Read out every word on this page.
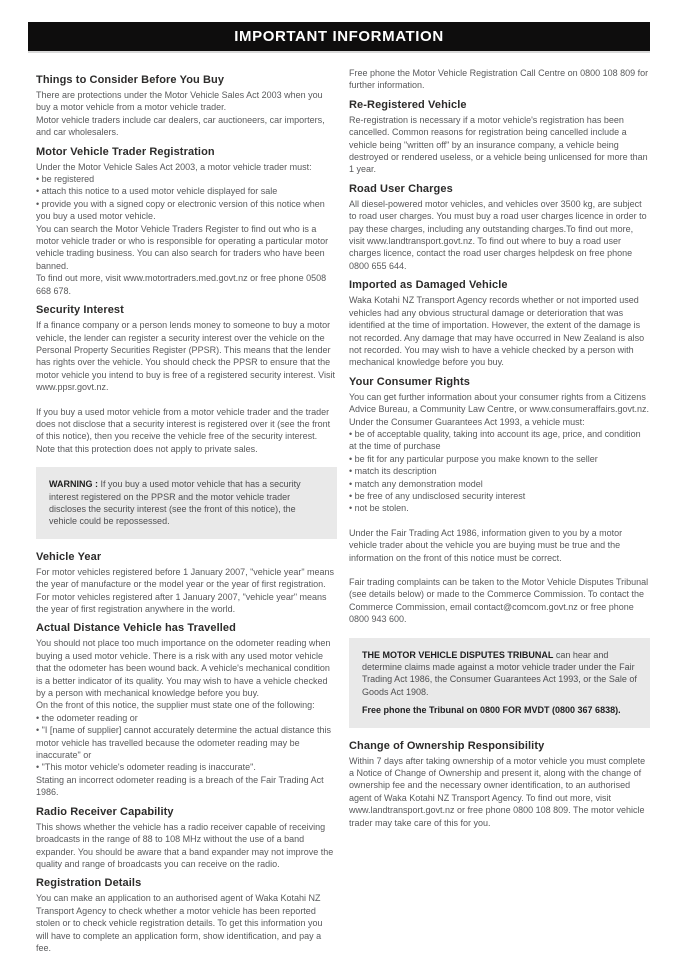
IMPORTANT INFORMATION
Things to Consider Before You Buy

There are protections under the Motor Vehicle Sales Act 2003 when you buy a motor vehicle from a motor vehicle trader.

Motor vehicle traders include car dealers, car auctioneers, car importers, and car wholesalers.

Motor Vehicle Trader Registration

Under the Motor Vehicle Sales Act 2003, a motor vehicle trader must:

• be registered

• attach this notice to a used motor vehicle displayed for sale

• provide you with a signed copy or electronic version of this notice when you buy a used motor vehicle.

You can search the Motor Vehicle Traders Register to find out who is a motor vehicle trader or who is responsible for operating a particular motor vehicle trading business. You can also search for traders who have been banned.

To find out more, visit www.motortraders.med.govt.nz or free phone 0508 668 678.

Security Interest

If a finance company or a person lends money to someone to buy a motor vehicle, the lender can register a security interest over the vehicle on the Personal Property Securities Register (PPSR). This means that the lender has rights over the vehicle. You should check the PPSR to ensure that the motor vehicle you intend to buy is free of a registered security interest. Visit www.ppsr.govt.nz.

If you buy a used motor vehicle from a motor vehicle trader and the trader does not disclose that a security interest is registered over it (see the front of this notice), then you receive the vehicle free of the security interest. Note that this protection does not apply to private sales.

WARNING : If you buy a used motor vehicle that has a security interest registered on the PPSR and the motor vehicle trader discloses the security interest (see the front of this notice), the vehicle could be repossessed.

Vehicle Year

For motor vehicles registered before 1 January 2007, "vehicle year" means the year of manufacture or the model year or the year of first registration. For motor vehicles registered after 1 January 2007, "vehicle year" means the year of first registration anywhere in the world.

Actual Distance Vehicle has Travelled

You should not place too much importance on the odometer reading when buying a used motor vehicle. There is a risk with any used motor vehicle that the odometer has been wound back. A vehicle's mechanical condition is a better indicator of its quality. You may wish to have a vehicle checked by a person with mechanical knowledge before you buy.

On the front of this notice, the supplier must state one of the following:

• the odometer reading or

• "I [name of supplier] cannot accurately determine the actual distance this motor vehicle has travelled because the odometer reading may be inaccurate" or

• "This motor vehicle's odometer reading is inaccurate".

Stating an incorrect odometer reading is a breach of the Fair Trading Act 1986.

Radio Receiver Capability

This shows whether the vehicle has a radio receiver capable of receiving broadcasts in the range of 88 to 108 MHz without the use of a band expander. You should be aware that a band expander may not improve the quality and range of broadcasts you can receive on the radio.

Registration Details

You can make an application to an authorised agent of Waka Kotahi NZ Transport Agency to check whether a motor vehicle has been reported stolen or to check vehicle registration details. To get this information you will have to complete an application form, show identification, and pay a fee.

Free phone the Motor Vehicle Registration Call Centre on 0800 108 809 for further information.

Re-Registered Vehicle

Re-registration is necessary if a motor vehicle's registration has been cancelled. Common reasons for registration being cancelled include a vehicle being "written off" by an insurance company, a vehicle being destroyed or rendered useless, or a vehicle being unlicensed for more than 1 year.

Road User Charges

All diesel-powered motor vehicles, and vehicles over 3500 kg, are subject to road user charges. You must buy a road user charges licence in order to pay these charges, including any outstanding charges.To find out more, visit www.landtransport.govt.nz. To find out where to buy a road user charges licence, contact the road user charges helpdesk on free phone 0800 655 644.

Imported as Damaged Vehicle

Waka Kotahi NZ Transport Agency records whether or not imported used vehicles had any obvious structural damage or deterioration that was identified at the time of importation. However, the extent of the damage is not recorded. Any damage that may have occurred in New Zealand is also not recorded. You may wish to have a vehicle checked by a person with mechanical knowledge before you buy.

Your Consumer Rights

You can get further information about your consumer rights from a Citizens Advice Bureau, a Community Law Centre, or www.consumeraffairs.govt.nz.

Under the Consumer Guarantees Act 1993, a vehicle must:

• be of acceptable quality, taking into account its age, price, and condition at the time of purchase

• be fit for any particular purpose you make known to the seller

• match its description

• match any demonstration model

• be free of any undisclosed security interest

• not be stolen.

Under the Fair Trading Act 1986, information given to you by a motor vehicle trader about the vehicle you are buying must be true and the information on the front of this notice must be correct.

Fair trading complaints can be taken to the Motor Vehicle Disputes Tribunal (see details below) or made to the Commerce Commission. To contact the Commerce Commission, email contact@comcom.govt.nz or free phone 0800 943 600.

THE MOTOR VEHICLE DISPUTES TRIBUNAL can hear and determine claims made against a motor vehicle trader under the Fair Trading Act 1986, the Consumer Guarantees Act 1993, or the Sale of Goods Act 1908.

Free phone the Tribunal on 0800 FOR MVDT (0800 367 6838).

Change of Ownership Responsibility

Within 7 days after taking ownership of a motor vehicle you must complete a Notice of Change of Ownership and present it, along with the change of ownership fee and the necessary owner identification, to an authorised agent of Waka Kotahi NZ Transport Agency. To find out more, visit www.landtransport.govt.nz or free phone 0800 108 809. The motor vehicle trader may take care of this for you.
